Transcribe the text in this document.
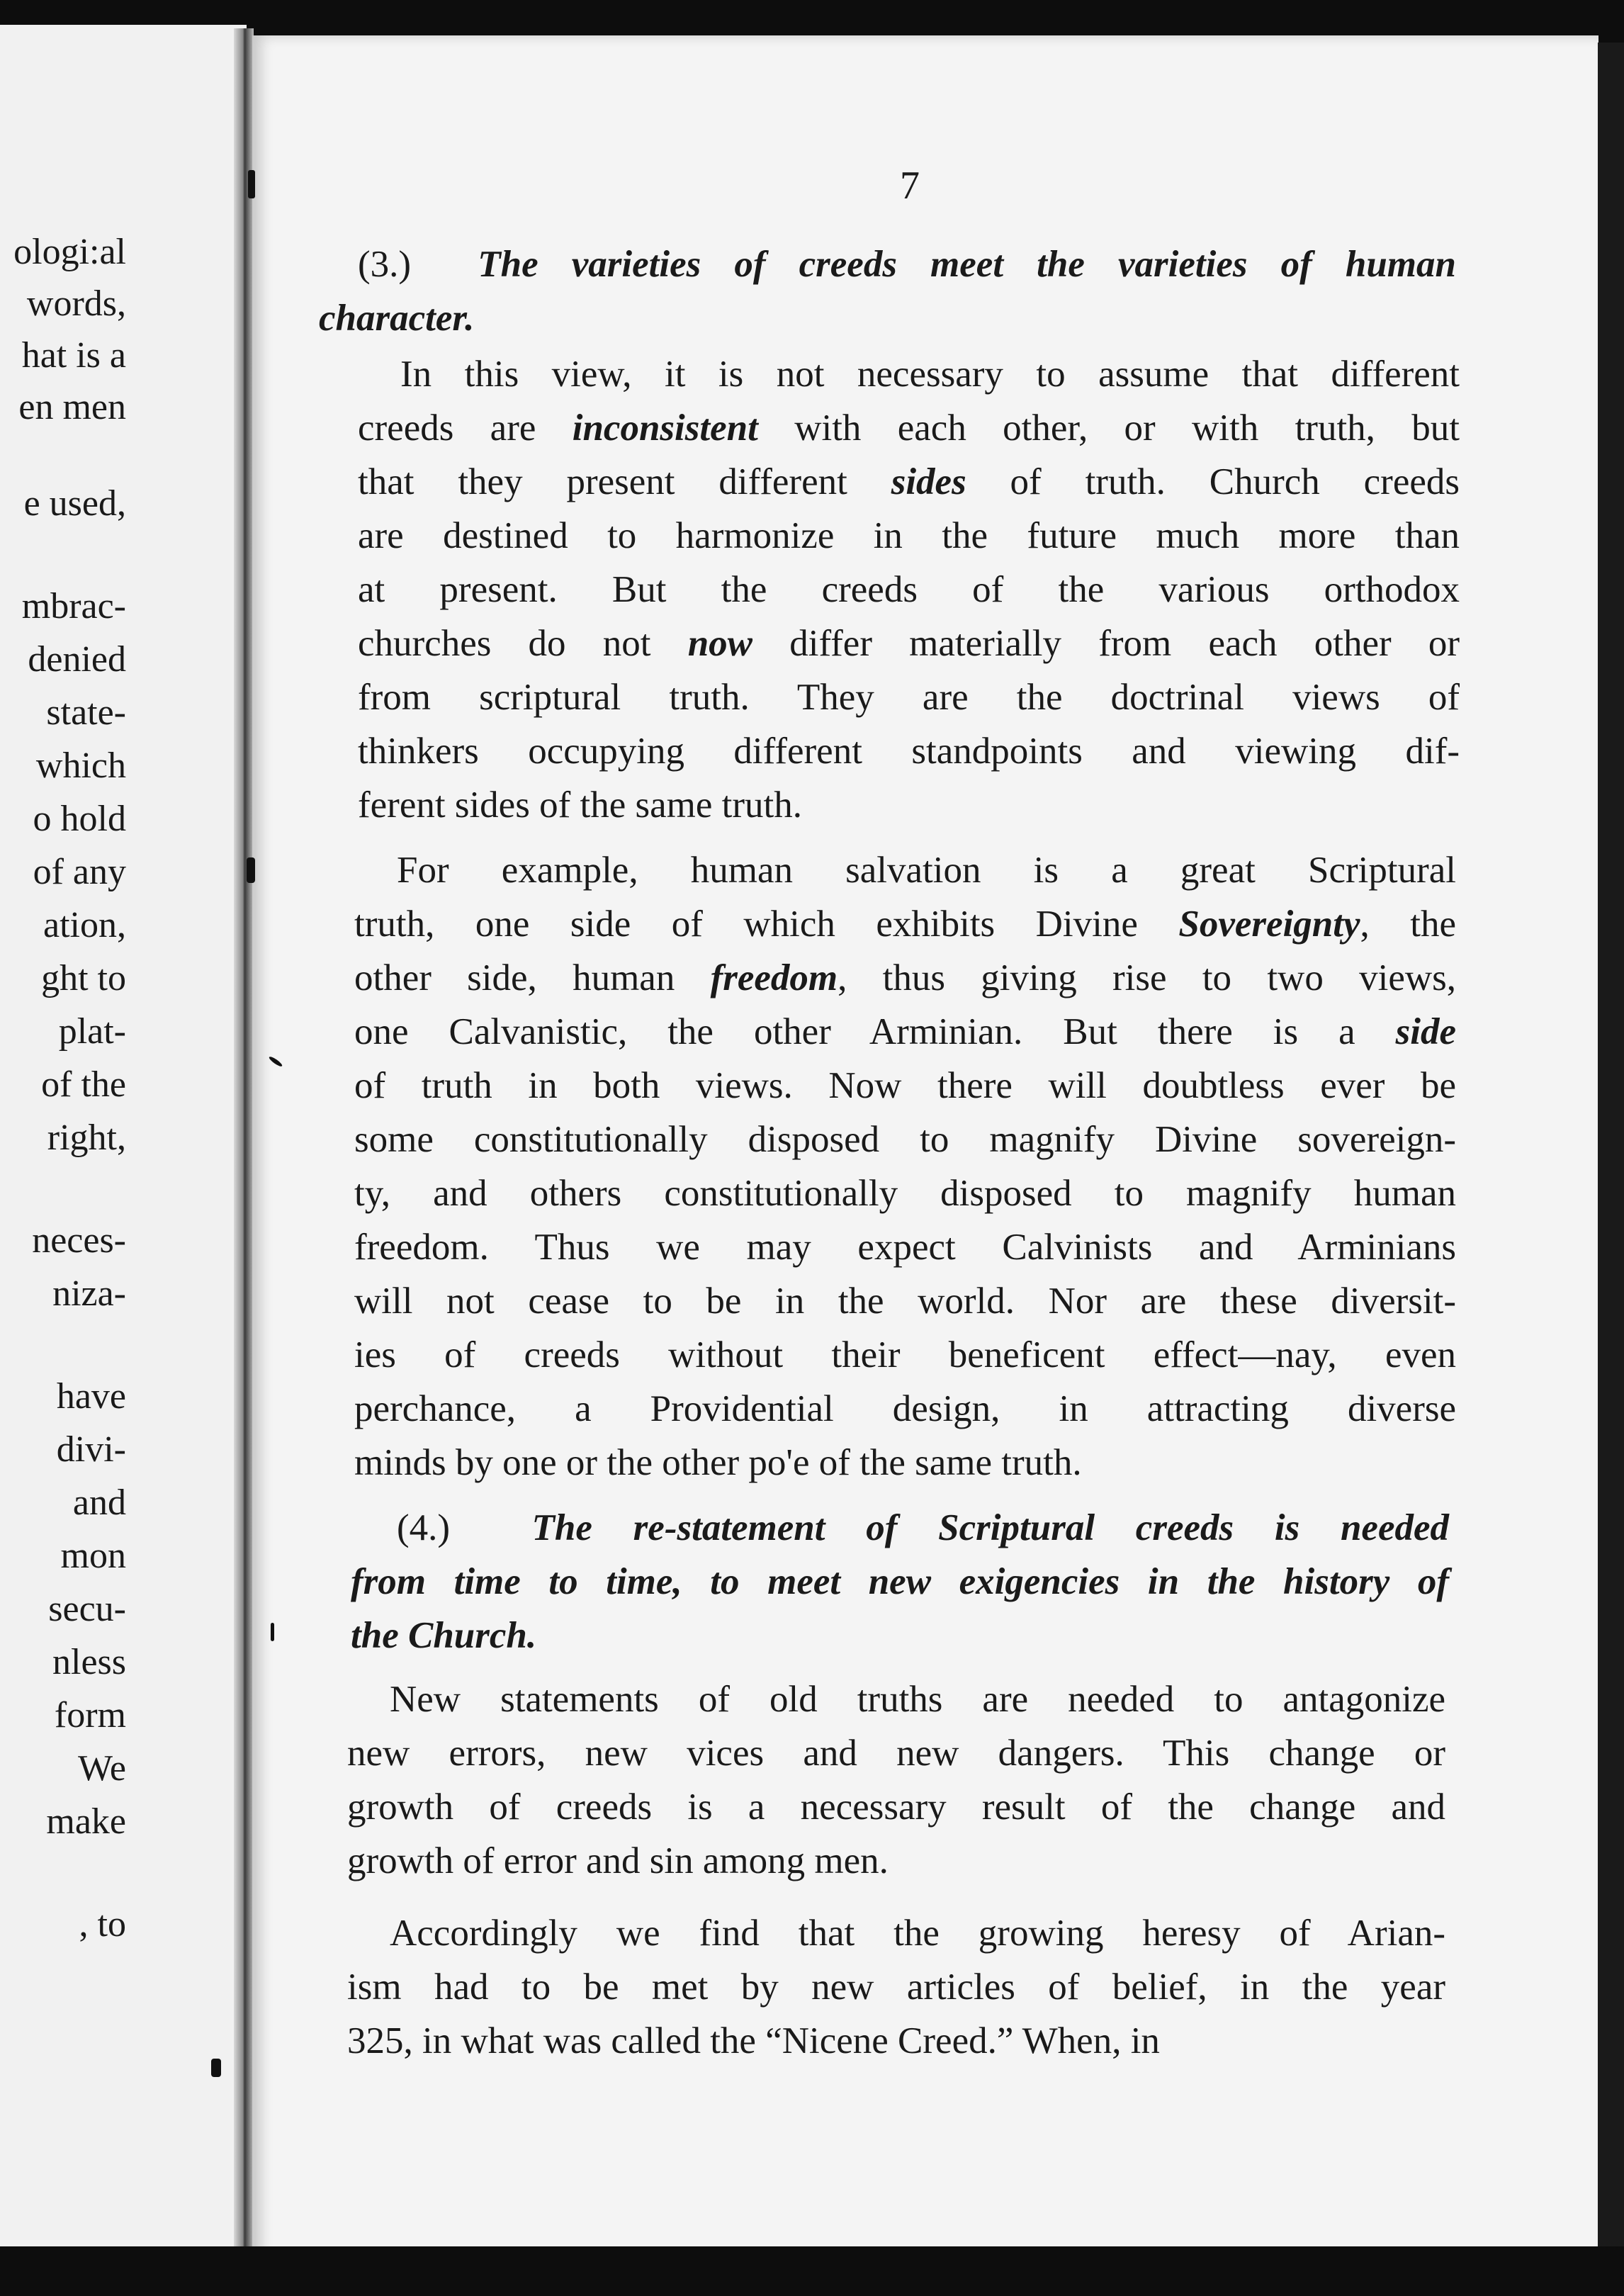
ologi:al
words,
hat is a
en men
e used,
mbrac-
denied
state-
which
o hold
of any
ation,
ght to
plat-
of the
right,
neces-
niza-
have
divi-
and
mon
secu-
nless
form
We
make
, to
7

(3.) The varieties of creeds meet the varieties of human

character.

In this view, it is not necessary to assume that different

creeds are inconsistent with each other, or with truth, but

that they present different sides of truth. Church creeds

are destined to harmonize in the future much more than

at present. But the creeds of the various orthodox

churches do not now differ materially from each other or

from scriptural truth. They are the doctrinal views of

thinkers occupying different standpoints and viewing dif-

ferent sides of the same truth.

For example, human salvation is a great Scriptural

truth, one side of which exhibits Divine Sovereignty, the

other side, human freedom, thus giving rise to two views,

one Calvanistic, the other Arminian. But there is a side

of truth in both views. Now there will doubtless ever be

some constitutionally disposed to magnify Divine sovereign-

ty, and others constitutionally disposed to magnify human

freedom. Thus we may expect Calvinists and Arminians

will not cease to be in the world. Nor are these diversit-

ies of creeds without their beneficent effect—nay, even

perchance, a Providential design, in attracting diverse

minds by one or the other po'e of the same truth.

(4.) The re-statement of Scriptural creeds is needed

from time to time, to meet new exigencies in the history of

the Church.

New statements of old truths are needed to antagonize

new errors, new vices and new dangers. This change or

growth of creeds is a necessary result of the change and

growth of error and sin among men.

Accordingly we find that the growing heresy of Arian-

ism had to be met by new articles of belief, in the year

325, in what was called the “Nicene Creed.” When, in
